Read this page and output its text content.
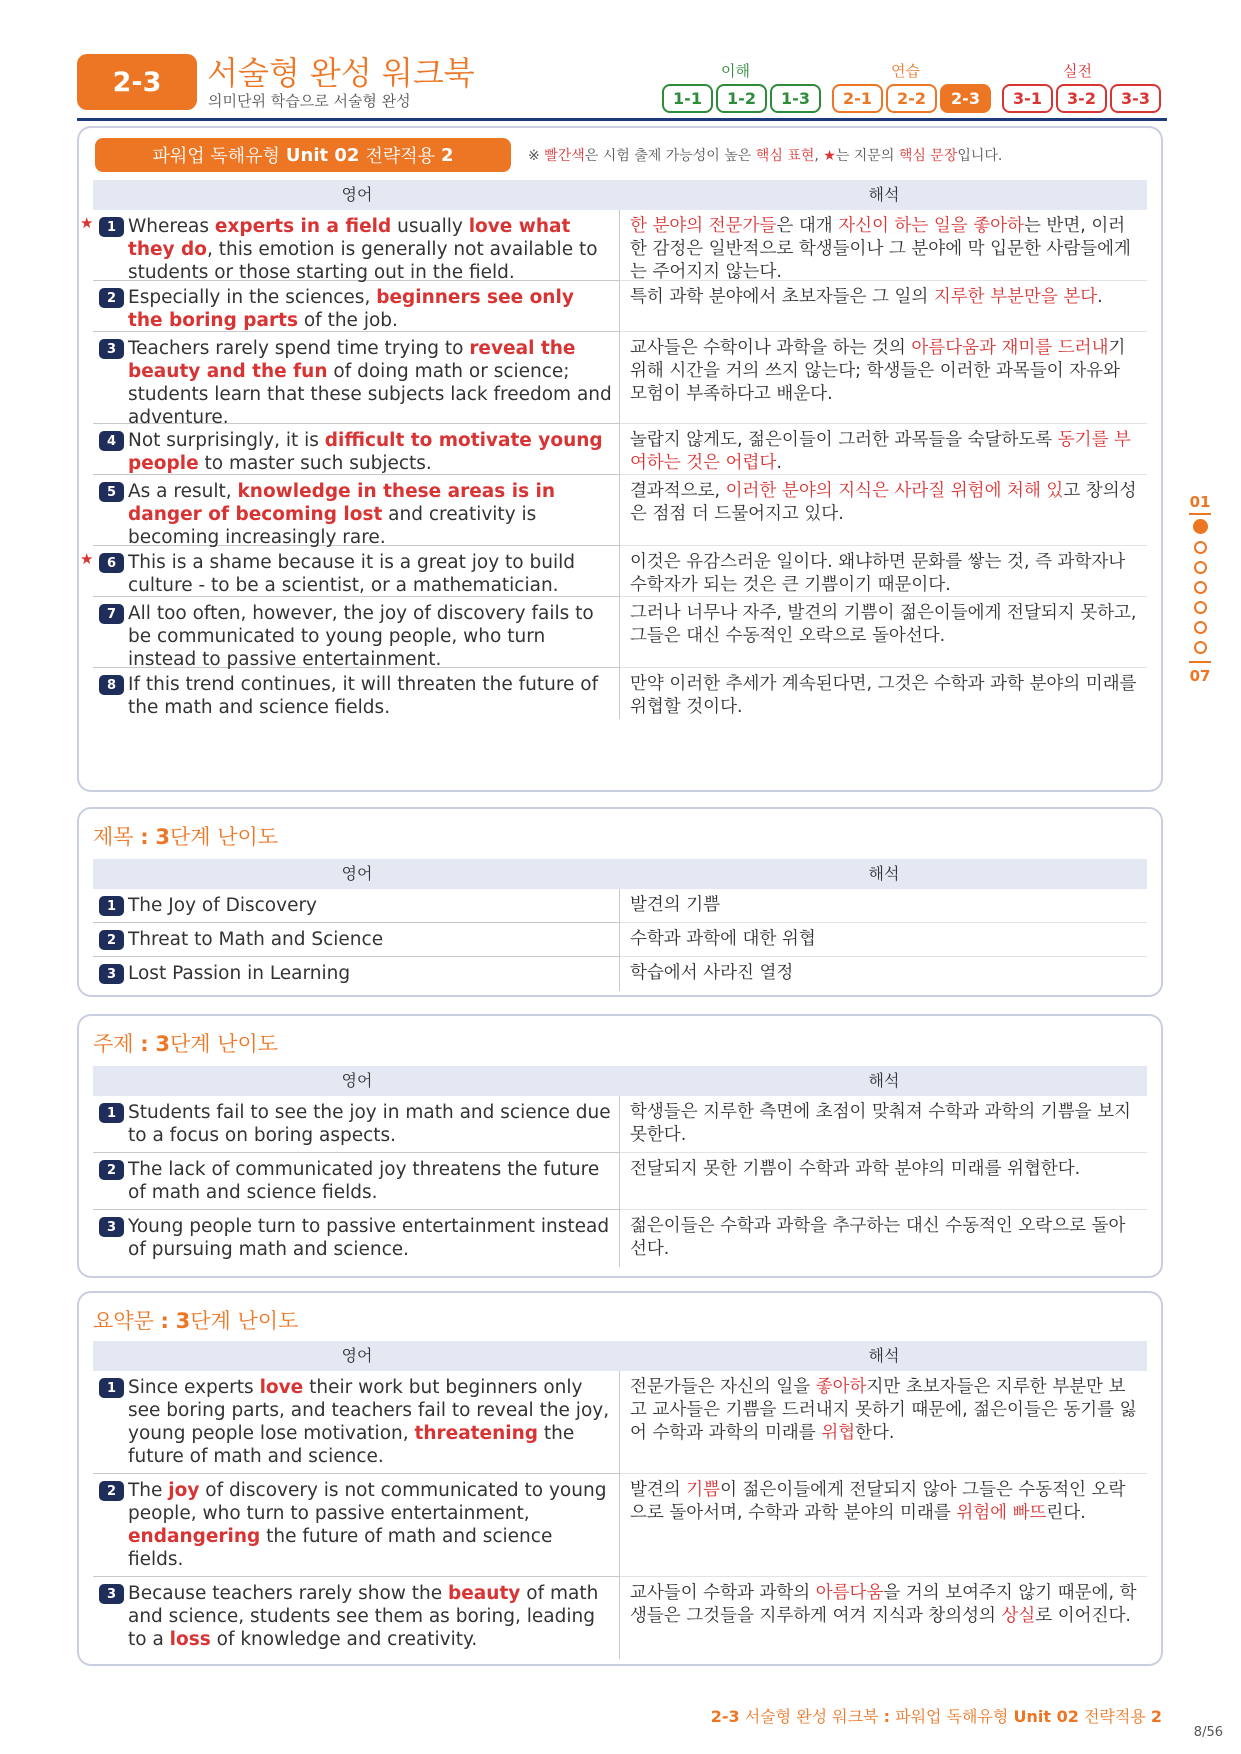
2-3	서술형 완성 워크북
의미단위 학습으로 서술형 완성
이해	연습	실전
1-1	1-2	1-3	2-1	2-2	2-3	3-1	3-2	3-3
파워업 독해유형 Unit 02 전략적용 2	※ 빨간색은 시험 출제 가능성이 높은 핵심 표현, ★는 지문의 핵심 문장입니다.
영어	해석
★	1 Whereas experts in a field usually love what they do, this emotion is generally not available to students or those starting out in the field.
한 분야의 전문가들은 대개 자신이 하는 일을 좋아하는 반면, 이러한 감정은 일반적으로 학생들이나 그 분야에 막 입문한 사람들에게는 주어지지 않는다.
2 Especially in the sciences, beginners see only the boring parts of the job.
특히 과학 분야에서 초보자들은 그 일의 지루한 부분만을 본다.
3 Teachers rarely spend time trying to reveal the beauty and the fun of doing math or science; students learn that these subjects lack freedom and adventure.
교사들은 수학이나 과학을 하는 것의 아름다움과 재미를 드러내기 위해 시간을 거의 쓰지 않는다; 학생들은 이러한 과목들이 자유와 모험이 부족하다고 배운다.
4 Not surprisingly, it is difficult to motivate young people to master such subjects.
놀랍지 않게도, 젊은이들이 그러한 과목들을 숙달하도록 동기를 부여하는 것은 어렵다.
5 As a result, knowledge in these areas is in danger of becoming lost and creativity is becoming increasingly rare.
결과적으로, 이러한 분야의 지식은 사라질 위험에 처해 있고 창의성은 점점 더 드물어지고 있다.
★	6 This is a shame because it is a great joy to build culture - to be a scientist, or a mathematician.
이것은 유감스러운 일이다. 왜냐하면 문화를 쌓는 것, 즉 과학자나 수학자가 되는 것은 큰 기쁨이기 때문이다.
7 All too often, however, the joy of discovery fails to be communicated to young people, who turn instead to passive entertainment.
그러나 너무나 자주, 발견의 기쁨이 젊은이들에게 전달되지 못하고, 그들은 대신 수동적인 오락으로 돌아선다.
8 If this trend continues, it will threaten the future of the math and science fields.
만약 이러한 추세가 계속된다면, 그것은 수학과 과학 분야의 미래를 위협할 것이다.
제목 : 3단계 난이도
영어	해석
1 The Joy of Discovery	발견의 기쁨
2 Threat to Math and Science	수학과 과학에 대한 위협
3 Lost Passion in Learning	학습에서 사라진 열정
주제 : 3단계 난이도
영어	해석
1 Students fail to see the joy in math and science due to a focus on boring aspects.
학생들은 지루한 측면에 초점이 맞춰져 수학과 과학의 기쁨을 보지 못한다.
2 The lack of communicated joy threatens the future of math and science fields.
전달되지 못한 기쁨이 수학과 과학 분야의 미래를 위협한다.
3 Young people turn to passive entertainment instead of pursuing math and science.
젊은이들은 수학과 과학을 추구하는 대신 수동적인 오락으로 돌아선다.
요약문 : 3단계 난이도
영어	해석
1 Since experts love their work but beginners only see boring parts, and teachers fail to reveal the joy, young people lose motivation, threatening the future of math and science.
전문가들은 자신의 일을 좋아하지만 초보자들은 지루한 부분만 보고 교사들은 기쁨을 드러내지 못하기 때문에, 젊은이들은 동기를 잃어 수학과 과학의 미래를 위협한다.
2 The joy of discovery is not communicated to young people, who turn to passive entertainment, endangering the future of math and science fields.
발견의 기쁨이 젊은이들에게 전달되지 않아 그들은 수동적인 오락으로 돌아서며, 수학과 과학 분야의 미래를 위험에 빠뜨린다.
3 Because teachers rarely show the beauty of math and science, students see them as boring, leading to a loss of knowledge and creativity.
교사들이 수학과 과학의 아름다움을 거의 보여주지 않기 때문에, 학생들은 그것들을 지루하게 여겨 지식과 창의성의 상실로 이어진다.
01
07
2-3 서술형 완성 워크북 : 파워업 독해유형 Unit 02 전략적용 2
8/56
